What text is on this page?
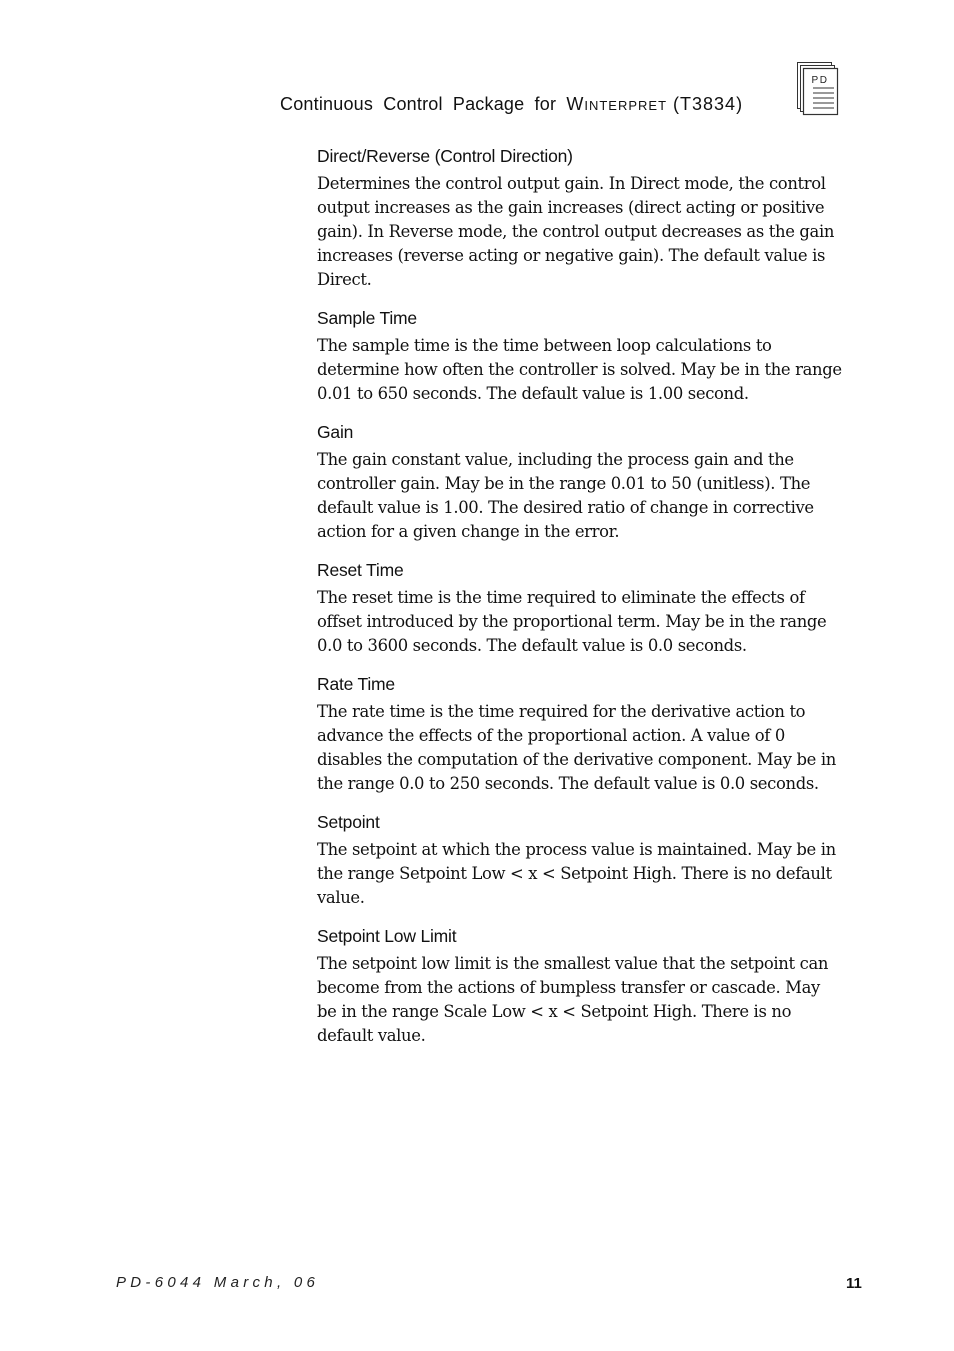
Continuous Control Package for Winterpret (T3834)
PD
Direct/Reverse (Control Direction)

Determines the control output gain. In Direct mode, the control output increases as the gain increases (direct acting or positive gain). In Reverse mode, the control output decreases as the gain increases (reverse acting or negative gain). The default value is Direct.

Sample Time

The sample time is the time between loop calculations to determine how often the controller is solved. May be in the range 0.01 to 650 seconds. The default value is 1.00 second.

Gain

The gain constant value, including the process gain and the controller gain. May be in the range 0.01 to 50 (unitless). The default value is 1.00. The desired ratio of change in corrective action for a given change in the error.

Reset Time

The reset time is the time required to eliminate the effects of offset introduced by the proportional term. May be in the range 0.0 to 3600 seconds. The default value is 0.0 seconds.

Rate Time

The rate time is the time required for the derivative action to advance the effects of the proportional action. A value of 0 disables the computation of the derivative component. May be in the range 0.0 to 250 seconds. The default value is 0.0 seconds.

Setpoint

The setpoint at which the process value is maintained. May be in the range Setpoint Low < x < Setpoint High. There is no default value.

Setpoint Low Limit

The setpoint low limit is the smallest value that the setpoint can become from the actions of bumpless transfer or cascade. May be in the range Scale Low < x < Setpoint High. There is no default value.

PD-6044 March, 06	11
